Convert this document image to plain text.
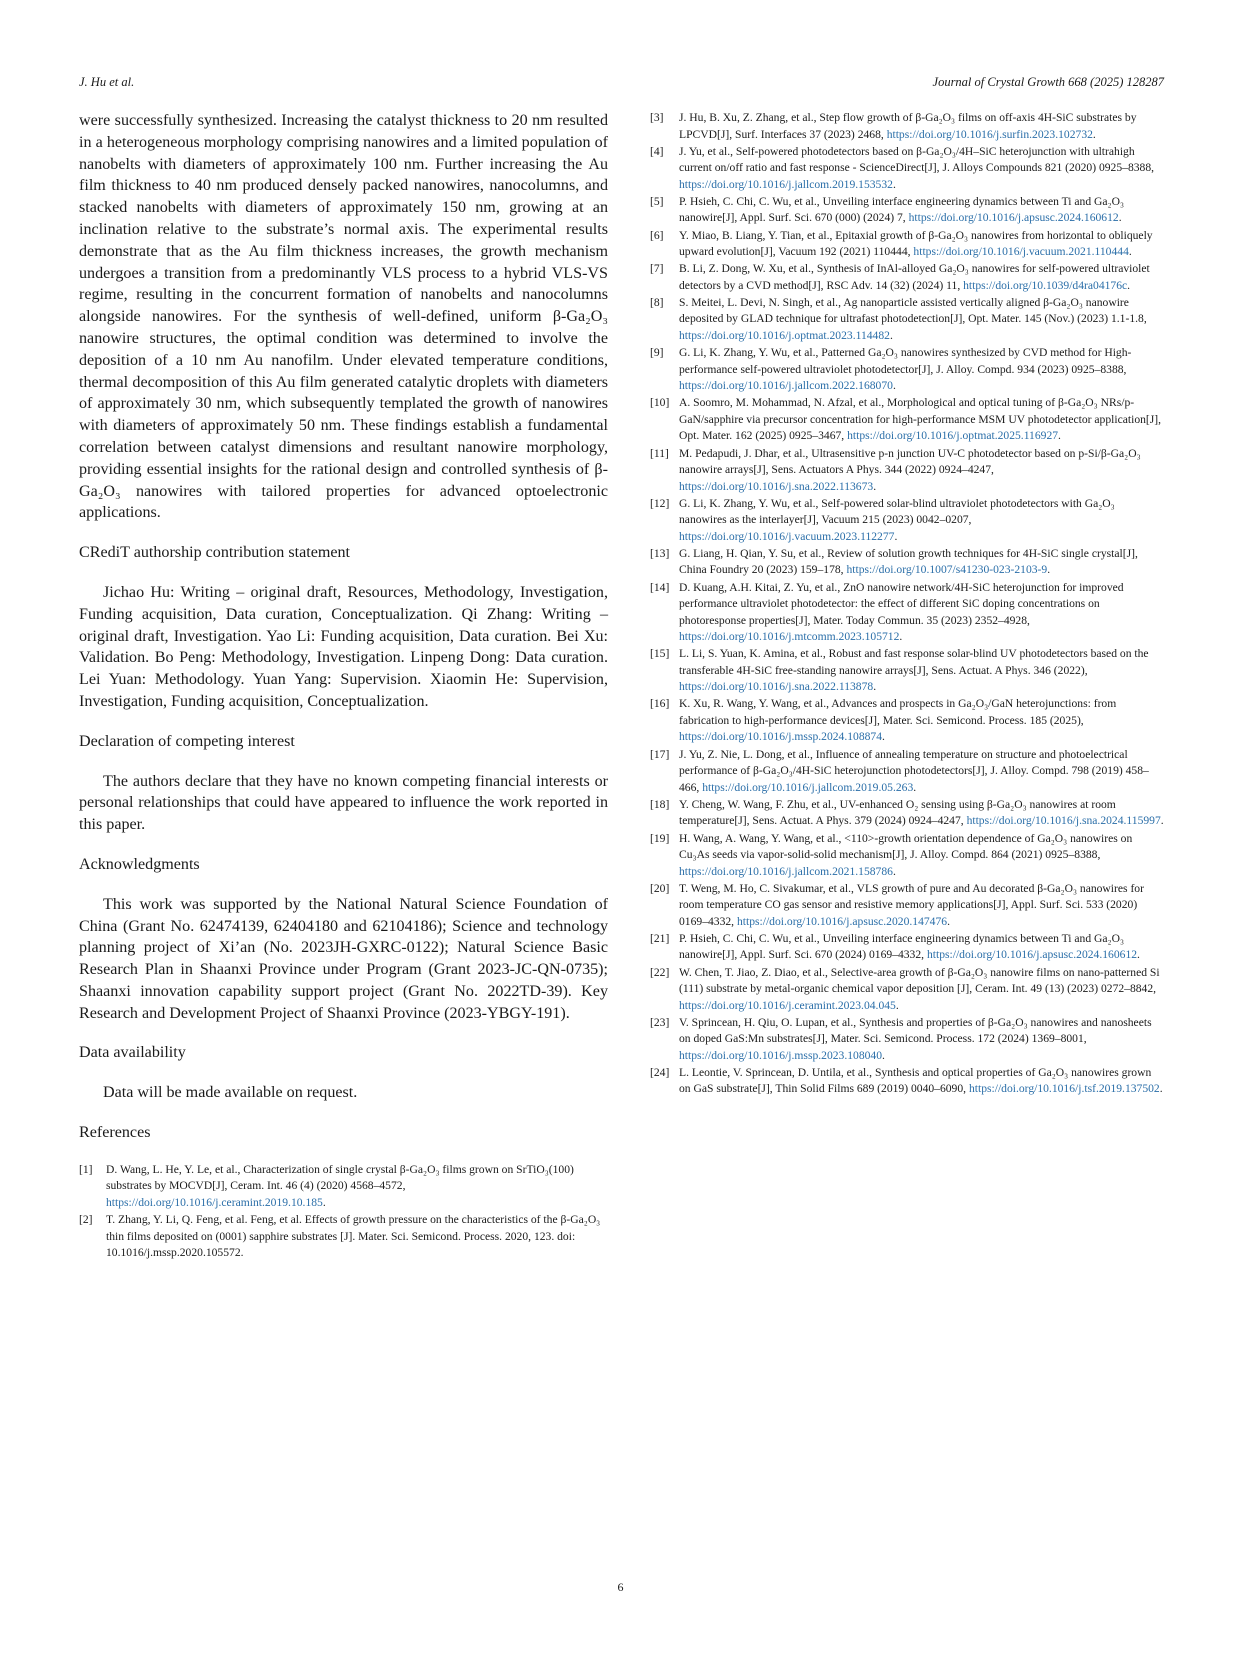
J. Hu et al.	Journal of Crystal Growth 668 (2025) 128287

were successfully synthesized. Increasing the catalyst thickness to 20 nm resulted in a heterogeneous morphology comprising nanowires and a limited population of nanobelts with diameters of approximately 100 nm. Further increasing the Au film thickness to 40 nm produced densely packed nanowires, nanocolumns, and stacked nanobelts with diameters of approximately 150 nm, growing at an inclination relative to the substrate’s normal axis. The experimental results demonstrate that as the Au film thickness increases, the growth mechanism undergoes a transition from a predominantly VLS process to a hybrid VLS-VS regime, resulting in the concurrent formation of nanobelts and nanocolumns alongside nanowires. For the synthesis of well-defined, uniform β-Ga₂O₃ nanowire structures, the optimal condition was determined to involve the deposition of a 10 nm Au nanofilm. Under elevated temperature conditions, thermal decomposition of this Au film generated catalytic droplets with diameters of approximately 30 nm, which subsequently templated the growth of nanowires with diameters of approximately 50 nm. These findings establish a fundamental correlation between catalyst dimensions and resultant nanowire morphology, providing essential insights for the rational design and controlled synthesis of β-Ga₂O₃ nanowires with tailored properties for advanced optoelectronic applications.

CRediT authorship contribution statement

Jichao Hu: Writing – original draft, Resources, Methodology, Investigation, Funding acquisition, Data curation, Conceptualization. Qi Zhang: Writing – original draft, Investigation. Yao Li: Funding acquisition, Data curation. Bei Xu: Validation. Bo Peng: Methodology, Investigation. Linpeng Dong: Data curation. Lei Yuan: Methodology. Yuan Yang: Supervision. Xiaomin He: Supervision, Investigation, Funding acquisition, Conceptualization.

Declaration of competing interest

The authors declare that they have no known competing financial interests or personal relationships that could have appeared to influence the work reported in this paper.

Acknowledgments

This work was supported by the National Natural Science Foundation of China (Grant No. 62474139, 62404180 and 62104186); Science and technology planning project of Xi’an (No. 2023JH-GXRC-0122); Natural Science Basic Research Plan in Shaanxi Province under Program (Grant 2023-JC-QN-0735); Shaanxi innovation capability support project (Grant No. 2022TD-39). Key Research and Development Project of Shaanxi Province (2023-YBGY-191).

Data availability

Data will be made available on request.

References
[1] D. Wang, L. He, Y. Le, et al., Characterization of single crystal β-Ga₂O₃ films grown on SrTiO₃(100) substrates by MOCVD[J], Ceram. Int. 46 (4) (2020) 4568–4572, https://doi.org/10.1016/j.ceramint.2019.10.185.
[2] T. Zhang, Y. Li, Q. Feng, et al. Feng, et al. Effects of growth pressure on the characteristics of the β-Ga₂O₃ thin films deposited on (0001) sapphire substrates [J]. Mater. Sci. Semicond. Process. 2020, 123. doi: 10.1016/j.mssp.2020.105572.
[3] J. Hu, B. Xu, Z. Zhang, et al., Step flow growth of β-Ga₂O₃ films on off-axis 4H-SiC substrates by LPCVD[J], Surf. Interfaces 37 (2023) 2468, https://doi.org/10.1016/j.surfin.2023.102732.
[4] J. Yu, et al., Self-powered photodetectors based on β-Ga₂O₃/4H–SiC heterojunction with ultrahigh current on/off ratio and fast response - ScienceDirect[J], J. Alloys Compounds 821 (2020) 0925–8388, https://doi.org/10.1016/j.jallcom.2019.153532.
[5] P. Hsieh, C. Chi, C. Wu, et al., Unveiling interface engineering dynamics between Ti and Ga₂O₃ nanowire[J], Appl. Surf. Sci. 670 (000) (2024) 7, https://doi.org/10.1016/j.apsusc.2024.160612.
[6] Y. Miao, B. Liang, Y. Tian, et al., Epitaxial growth of β-Ga₂O₃ nanowires from horizontal to obliquely upward evolution[J], Vacuum 192 (2021) 110444, https://doi.org/10.1016/j.vacuum.2021.110444.
[7] B. Li, Z. Dong, W. Xu, et al., Synthesis of InAl-alloyed Ga₂O₃ nanowires for self-powered ultraviolet detectors by a CVD method[J], RSC Adv. 14 (32) (2024) 11, https://doi.org/10.1039/d4ra04176c.
[8] S. Meitei, L. Devi, N. Singh, et al., Ag nanoparticle assisted vertically aligned β-Ga₂O₃ nanowire deposited by GLAD technique for ultrafast photodetection[J], Opt. Mater. 145 (Nov.) (2023) 1.1-1.8, https://doi.org/10.1016/j.optmat.2023.114482.
[9] G. Li, K. Zhang, Y. Wu, et al., Patterned Ga₂O₃ nanowires synthesized by CVD method for High-performance self-powered ultraviolet photodetector[J], J. Alloy. Compd. 934 (2023) 0925–8388, https://doi.org/10.1016/j.jallcom.2022.168070.
[10] A. Soomro, M. Mohammad, N. Afzal, et al., Morphological and optical tuning of β-Ga₂O₃ NRs/p-GaN/sapphire via precursor concentration for high-performance MSM UV photodetector application[J], Opt. Mater. 162 (2025) 0925–3467, https://doi.org/10.1016/j.optmat.2025.116927.
[11] M. Pedapudi, J. Dhar, et al., Ultrasensitive p-n junction UV-C photodetector based on p-Si/β-Ga₂O₃ nanowire arrays[J], Sens. Actuators A Phys. 344 (2022) 0924–4247, https://doi.org/10.1016/j.sna.2022.113673.
[12] G. Li, K. Zhang, Y. Wu, et al., Self-powered solar-blind ultraviolet photodetectors with Ga₂O₃ nanowires as the interlayer[J], Vacuum 215 (2023) 0042–0207, https://doi.org/10.1016/j.vacuum.2023.112277.
[13] G. Liang, H. Qian, Y. Su, et al., Review of solution growth techniques for 4H-SiC single crystal[J], China Foundry 20 (2023) 159–178, https://doi.org/10.1007/s41230-023-2103-9.
[14] D. Kuang, A.H. Kitai, Z. Yu, et al., ZnO nanowire network/4H-SiC heterojunction for improved performance ultraviolet photodetector: the effect of different SiC doping concentrations on photoresponse properties[J], Mater. Today Commun. 35 (2023) 2352–4928, https://doi.org/10.1016/j.mtcomm.2023.105712.
[15] L. Li, S. Yuan, K. Amina, et al., Robust and fast response solar-blind UV photodetectors based on the transferable 4H-SiC free-standing nanowire arrays[J], Sens. Actuat. A Phys. 346 (2022), https://doi.org/10.1016/j.sna.2022.113878.
[16] K. Xu, R. Wang, Y. Wang, et al., Advances and prospects in Ga₂O₃/GaN heterojunctions: from fabrication to high-performance devices[J], Mater. Sci. Semicond. Process. 185 (2025), https://doi.org/10.1016/j.mssp.2024.108874.
[17] J. Yu, Z. Nie, L. Dong, et al., Influence of annealing temperature on structure and photoelectrical performance of β-Ga₂O₃/4H-SiC heterojunction photodetectors[J], J. Alloy. Compd. 798 (2019) 458–466, https://doi.org/10.1016/j.jallcom.2019.05.263.
[18] Y. Cheng, W. Wang, F. Zhu, et al., UV-enhanced O₂ sensing using β-Ga₂O₃ nanowires at room temperature[J], Sens. Actuat. A Phys. 379 (2024) 0924–4247, https://doi.org/10.1016/j.sna.2024.115997.
[19] H. Wang, A. Wang, Y. Wang, et al., <110>-growth orientation dependence of Ga₂O₃ nanowires on Cu₃As seeds via vapor-solid-solid mechanism[J], J. Alloy. Compd. 864 (2021) 0925–8388, https://doi.org/10.1016/j.jallcom.2021.158786.
[20] T. Weng, M. Ho, C. Sivakumar, et al., VLS growth of pure and Au decorated β-Ga₂O₃ nanowires for room temperature CO gas sensor and resistive memory applications[J], Appl. Surf. Sci. 533 (2020) 0169–4332, https://doi.org/10.1016/j.apsusc.2020.147476.
[21] P. Hsieh, C. Chi, C. Wu, et al., Unveiling interface engineering dynamics between Ti and Ga₂O₃ nanowire[J], Appl. Surf. Sci. 670 (2024) 0169–4332, https://doi.org/10.1016/j.apsusc.2024.160612.
[22] W. Chen, T. Jiao, Z. Diao, et al., Selective-area growth of β-Ga₂O₃ nanowire films on nano-patterned Si (111) substrate by metal-organic chemical vapor deposition [J], Ceram. Int. 49 (13) (2023) 0272–8842, https://doi.org/10.1016/j.ceramint.2023.04.045.
[23] V. Sprincean, H. Qiu, O. Lupan, et al., Synthesis and properties of β-Ga₂O₃ nanowires and nanosheets on doped GaS:Mn substrates[J], Mater. Sci. Semicond. Process. 172 (2024) 1369–8001, https://doi.org/10.1016/j.mssp.2023.108040.
[24] L. Leontie, V. Sprincean, D. Untila, et al., Synthesis and optical properties of Ga₂O₃ nanowires grown on GaS substrate[J], Thin Solid Films 689 (2019) 0040–6090, https://doi.org/10.1016/j.tsf.2019.137502.
6
